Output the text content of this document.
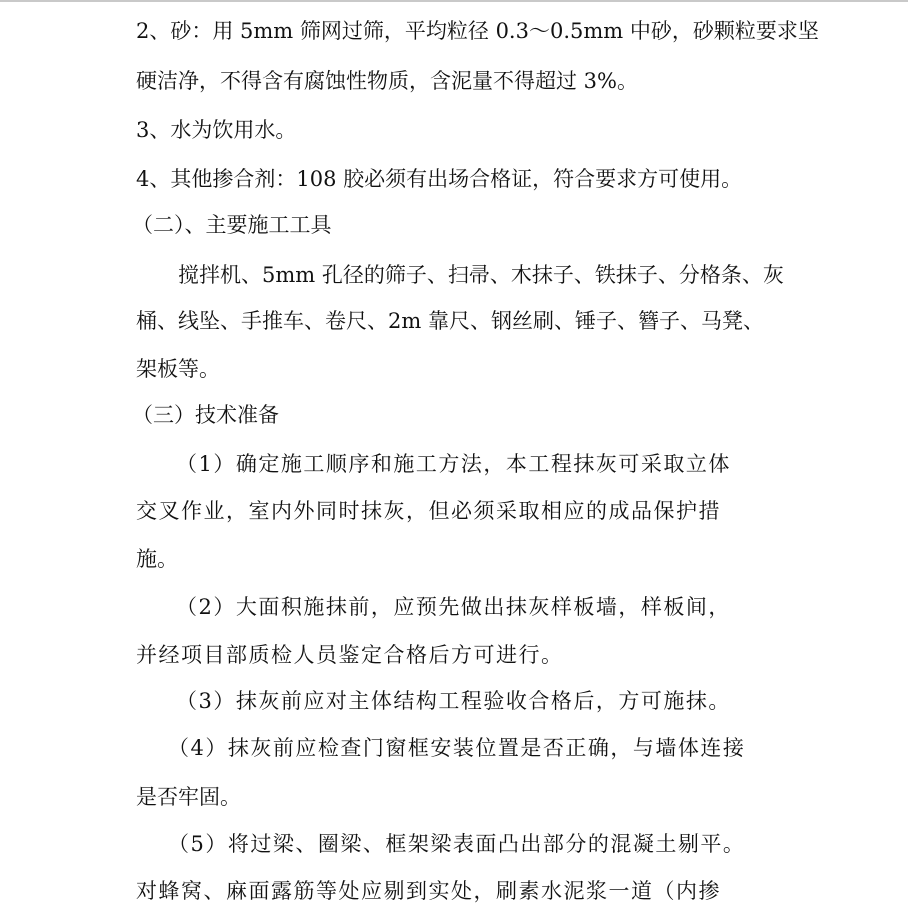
2、砂：用 5mm 筛网过筛，平均粒径 0.3～0.5mm 中砂，砂颗粒要求坚
硬洁净，不得含有腐蚀性物质，含泥量不得超过 3%。
3、水为饮用水。
4、其他掺合剂：108 胶必须有出场合格证，符合要求方可使用。
（二）、主要施工工具
搅拌机、5mm 孔径的筛子、扫帚、木抹子、铁抹子、分格条、灰
桶、线坠、手推车、卷尺、2m 靠尺、钢丝刷、锤子、簪子、马凳、
架板等。
（三）技术准备
（1）确定施工顺序和施工方法，本工程抹灰可采取立体
交叉作业，室内外同时抹灰，但必须采取相应的成品保护措
施。
（2）大面积施抹前，应预先做出抹灰样板墙，样板间，
并经项目部质检人员鉴定合格后方可进行。
（3）抹灰前应对主体结构工程验收合格后，方可施抹。
（4）抹灰前应检查门窗框安装位置是否正确，与墙体连接
是否牢固。
（5）将过梁、圈梁、框架梁表面凸出部分的混凝土剔平。
对蜂窝、麻面露筋等处应剔到实处，刷素水泥浆一道（内掺
